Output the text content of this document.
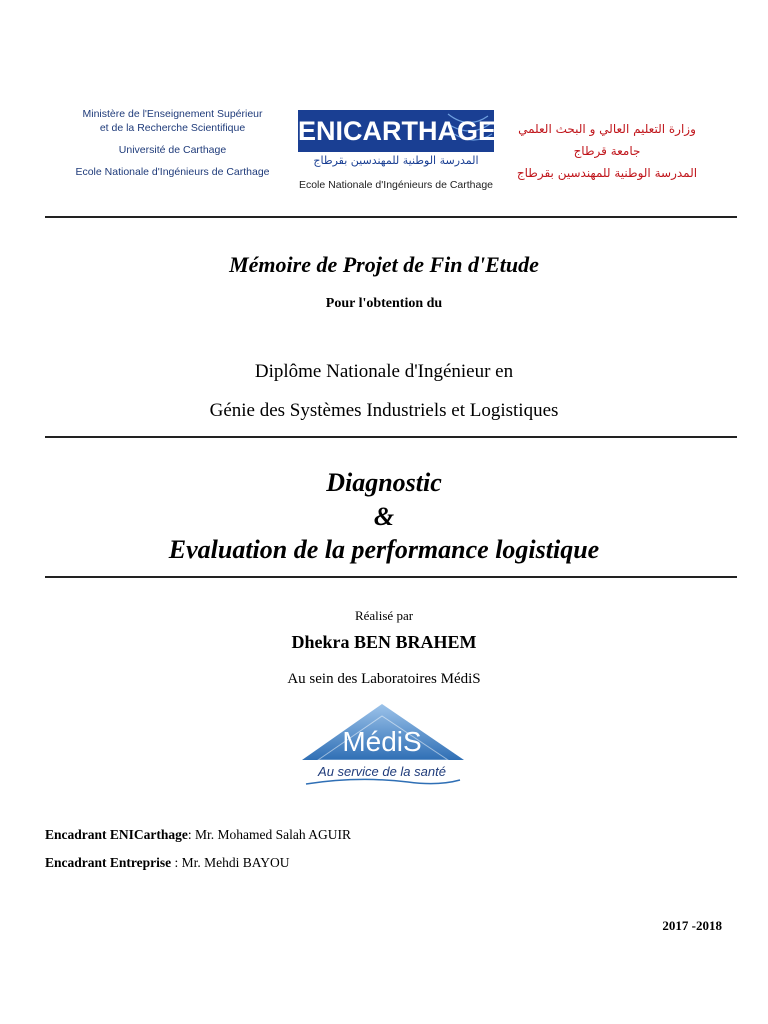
Ministère de l'Enseignement Supérieur
et de la Recherche Scientifique
Université de Carthage
Ecole Nationale d'Ingénieurs de Carthage
ENICARTHAGE
المدرسة الوطنية للمهندسين بقرطاج
Ecole Nationale d'Ingénieurs de Carthage
وزارة التعليم العالي و البحث العلمي
جامعة قرطاج
المدرسة الوطنية للمهندسين بقرطاج
Mémoire de Projet de Fin d'Etude
Pour l'obtention du
Diplôme Nationale d'Ingénieur en
Génie des Systèmes Industriels et Logistiques
Diagnostic
&
Evaluation de la performance logistique
Réalisé par
Dhekra BEN BRAHEM
Au sein des Laboratoires MédiS
MédiS
Au service de la santé
Encadrant ENICarthage: Mr. Mohamed Salah AGUIR
Encadrant Entreprise : Mr. Mehdi BAYOU
2017 -2018
